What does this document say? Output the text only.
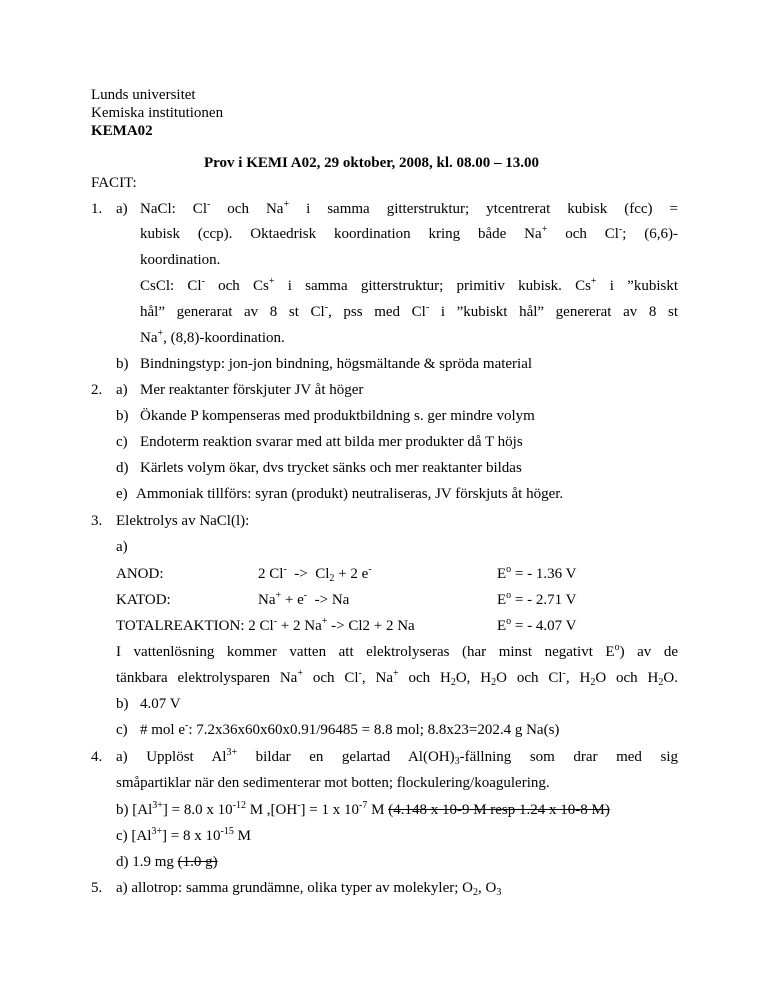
Lunds universitet
Kemiska institutionen
KEMA02
Prov i KEMI A02, 29 oktober, 2008, kl. 08.00 – 13.00
FACIT:
1. a) NaCl: Cl- och Na+ i samma gitterstruktur; ytcentrerat kubisk (fcc) =
kubisk (ccp). Oktaedrisk koordination kring både Na+ och Cl-; (6,6)-
koordination.
CsCl: Cl- och Cs+ i samma gitterstruktur; primitiv kubisk. Cs+ i ”kubiskt
hål” generarat av 8 st Cl-, pss med Cl- i ”kubiskt hål” genererat av 8 st
Na+, (8,8)-koordination.
b) Bindningstyp: jon-jon bindning, högsmältande & spröda material
2. a) Mer reaktanter förskjuter JV åt höger
b) Ökande P kompenseras med produktbildning s. ger mindre volym
c) Endoterm reaktion svarar med att bilda mer produkter då T höjs
d) Kärlets volym ökar, dvs trycket sänks och mer reaktanter bildas
e) Ammoniak tillförs: syran (produkt) neutraliseras, JV förskjuts åt höger.
3. Elektrolys av NaCl(l):
a)
ANOD:	2 $Cl^- -> Cl_2 + 2$ e-	$E^o$ = - 1.36 V
KATOD:	Na+ + e-  -> Na	$E^o$ = - 2.71 V
TOTALREAKTION: 2 Cl- + 2 Na+ -> Cl2 + 2 Na	$E^o$ = - 4.07 V
I vattenlösning kommer vatten att elektrolyseras (har minst negativt $E^o$) av de
tänkbara elektrolysparen Na+ och Cl-, Na+ och $H_2O$, $H_2O$ och Cl-, $H_2O$ och $H_2O$.
b) 4.07 V
c) # mol e-: 7.2x36x60x60x0.91/96485 = 8.8 mol; 8.8x23=202.4 g Na(s)
4. a) Upplöst $Al^{3+}$ bildar en gelartad $Al(OH)_3$-fällning som drar med sig
småpartiklar när den sedimenterar mot botten; flockulering/koagulering.
b) $[Al^{3+}] = 8.0$ x $10^{-12}$ M ,[OH-] = 1 x $10^{-7}$ M (4.148 x 10-9 M resp 1.24 x 10-8 M)
c) $[Al^{3+}] = 8$ x $10^{-15}$ M
d) 1.9 mg (1.0 g)
5. a) allotrop: samma grundämne, olika typer av molekyler; $O_2$, $O_3$
